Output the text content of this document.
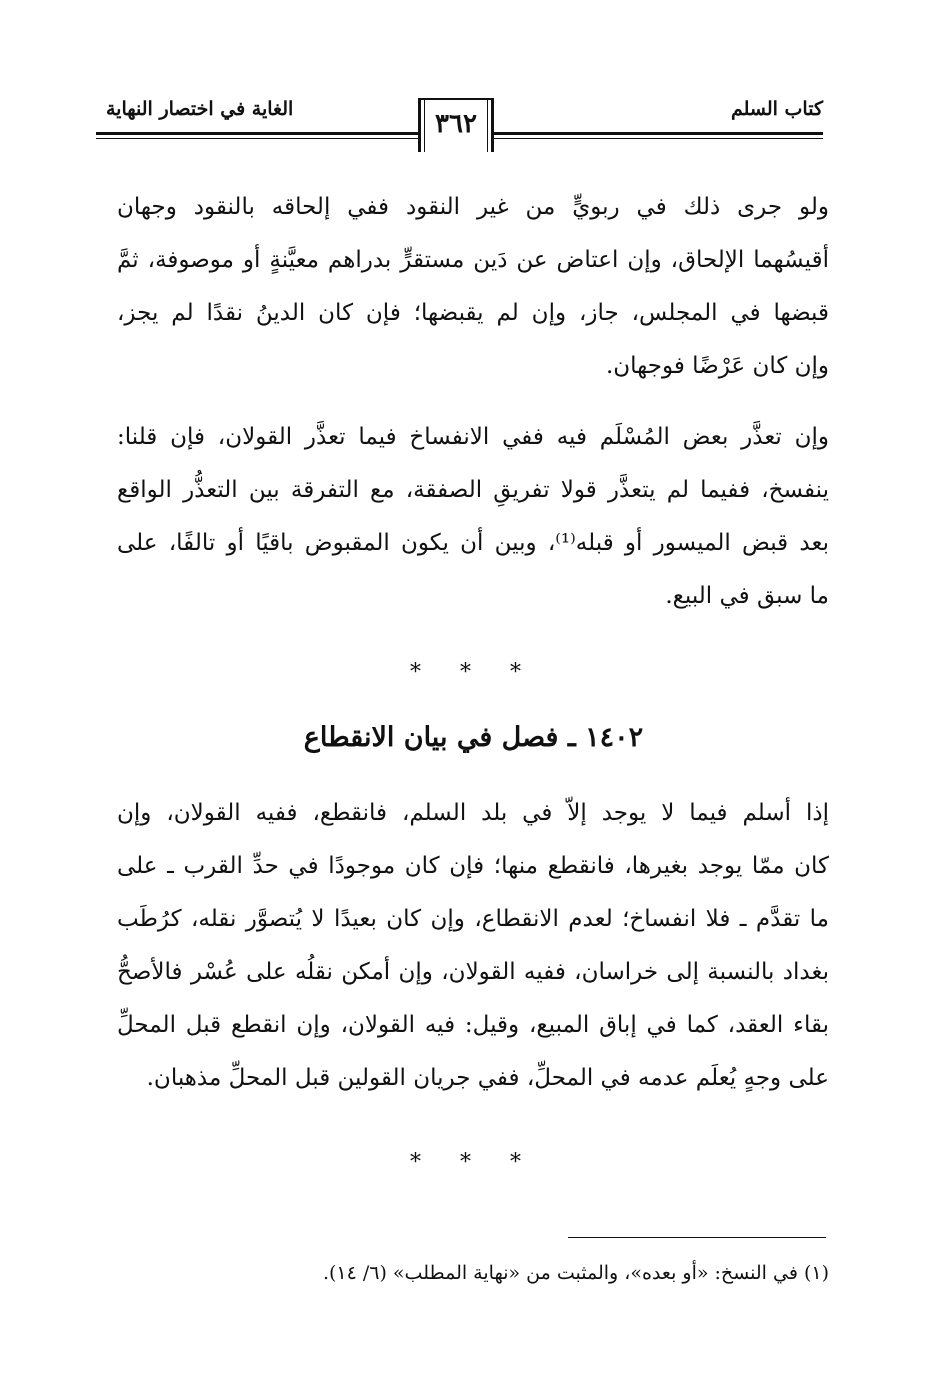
كتاب السلم
الغاية في اختصار النهاية	٣٦٢
ولو جرى ذلك في ربويٍّ من غير النقود ففي إلحاقه بالنقود وجهان
أقيسُهما الإلحاق، وإن اعتاض عن دَين مستقرٍّ بدراهم معيَّنةٍ أو موصوفة، ثمَّ
قبضها في المجلس، جاز، وإن لم يقبضها؛ فإن كان الدينُ نقدًا لم يجز،
وإن كان عَرْضًا فوجهان.
وإن تعذَّر بعض المُسْلَم فيه ففي الانفساخ فيما تعذَّر القولان، فإن قلنا:
ينفسخ، ففيما لم يتعذَّر قولا تفريقِ الصفقة، مع التفرقة بين التعذُّر الواقع
بعد قبض الميسور أو قبله⁽¹⁾، وبين أن يكون المقبوض باقيًا أو تالفًا، على
ما سبق في البيع.
* * *
١٤٠٢ ـ فصل في بيان الانقطاع
إذا أسلم فيما لا يوجد إلاّ في بلد السلم، فانقطع، ففيه القولان، وإن
كان ممّا يوجد بغيرها، فانقطع منها؛ فإن كان موجودًا في حدِّ القرب ـ على
ما تقدَّم ـ فلا انفساخ؛ لعدم الانقطاع، وإن كان بعيدًا لا يُتصوَّر نقله، كرُطَب
بغداد بالنسبة إلى خراسان، ففيه القولان، وإن أمكن نقلُه على عُسْر فالأصحُّ
بقاء العقد، كما في إباق المبيع، وقيل: فيه القولان، وإن انقطع قبل المحلِّ
على وجهٍ يُعلَم عدمه في المحلِّ، ففي جريان القولين قبل المحلِّ مذهبان.
* * *
(١) في النسخ: «أو بعده»، والمثبت من «نهاية المطلب» (٦/ ١٤).
